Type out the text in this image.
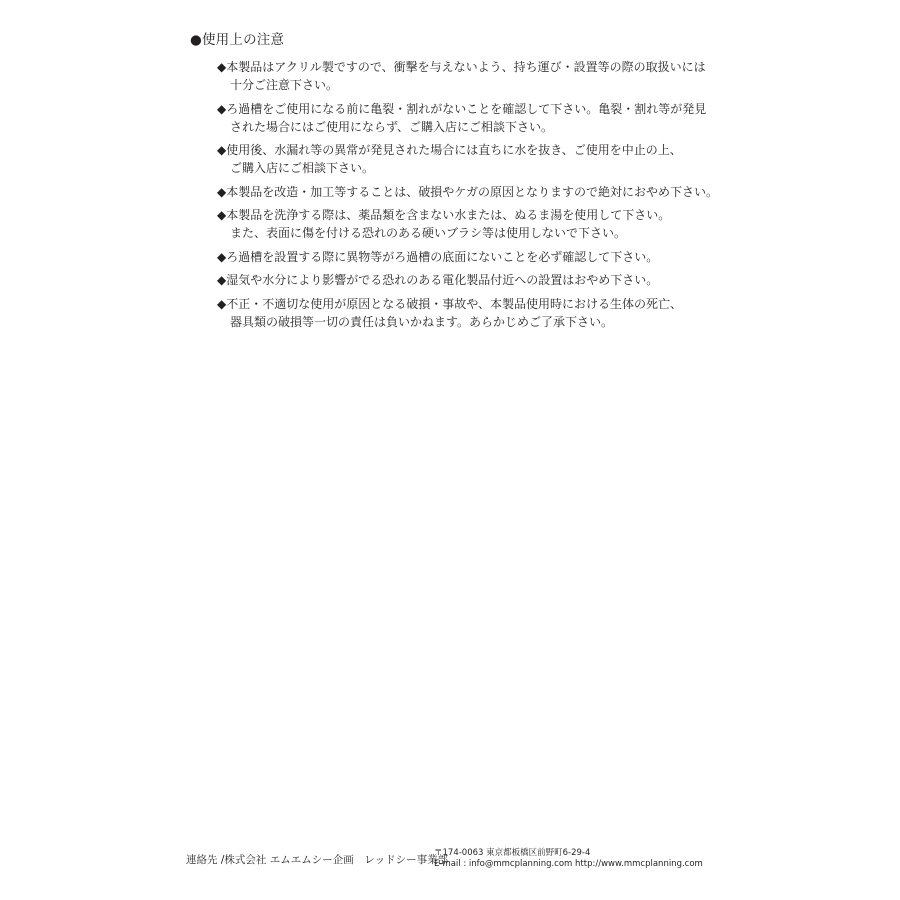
●使用上の注意
◆本製品はアクリル製ですので、衝撃を与えないよう、持ち運び・設置等の際の取扱いには
十分ご注意下さい。
◆ろ過槽をご使用になる前に亀裂・割れがないことを確認して下さい。亀裂・割れ等が発見
された場合にはご使用にならず、ご購入店にご相談下さい。
◆使用後、水漏れ等の異常が発見された場合には直ちに水を抜き、ご使用を中止の上、
ご購入店にご相談下さい。
◆本製品を改造・加工等することは、破損やケガの原因となりますので絶対におやめ下さい。
◆本製品を洗浄する際は、薬品類を含まない水または、ぬるま湯を使用して下さい。
また、表面に傷を付ける恐れのある硬いブラシ等は使用しないで下さい。
◆ろ過槽を設置する際に異物等がろ過槽の底面にないことを必ず確認して下さい。
◆湿気や水分により影響がでる恐れのある電化製品付近への設置はおやめ下さい。
◆不正・不適切な使用が原因となる破損・事故や、本製品使用時における生体の死亡、
器具類の破損等一切の責任は負いかねます。あらかじめご了承下さい。
連絡先 /株式会社 エムエムシー企画　レッドシー事業部
〒174-0063 東京都板橋区前野町6-29-4
E-mail : info@mmcplanning.com http://www.mmcplanning.com
